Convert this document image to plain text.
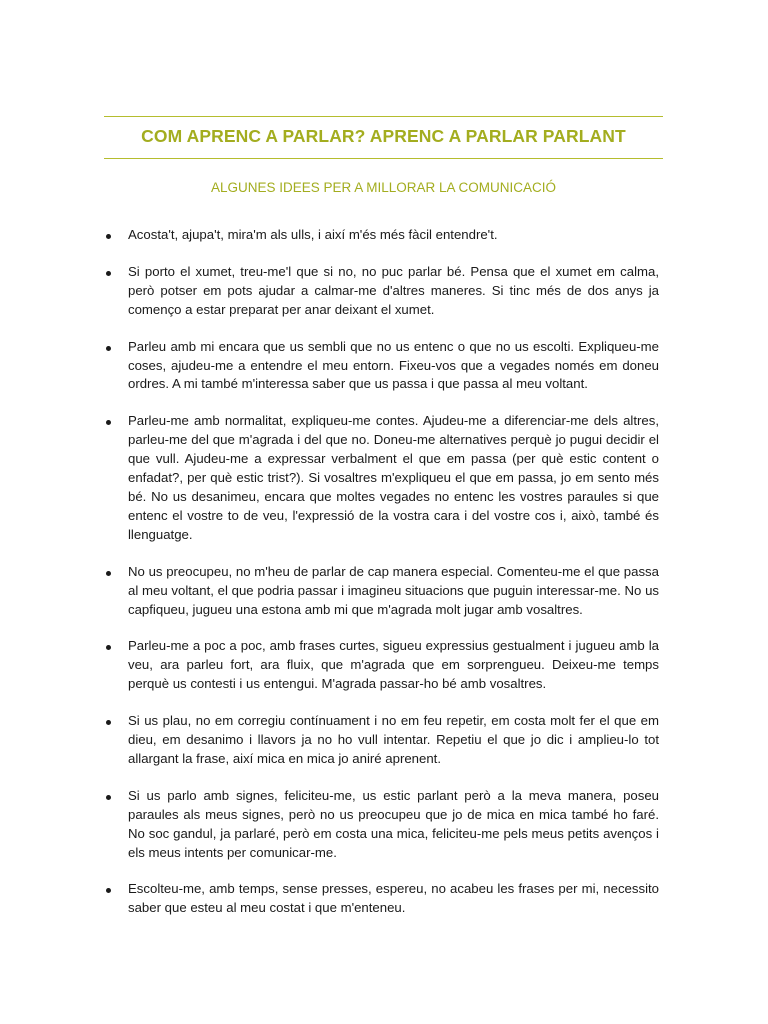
COM APRENC A PARLAR? APRENC A PARLAR PARLANT
ALGUNES IDEES PER A MILLORAR LA COMUNICACIÓ
Acosta't, ajupa't, mira'm als ulls, i així m'és més fàcil entendre't.
Si porto el xumet, treu-me'l que si no, no puc parlar bé. Pensa que el xumet em calma, però potser em pots ajudar a calmar-me d'altres maneres. Si tinc més de dos anys ja començo a estar preparat per anar deixant el xumet.
Parleu amb mi encara que us sembli que no us entenc o que no us escolti. Expliqueu-me coses, ajudeu-me a entendre el meu entorn. Fixeu-vos que a vegades només em doneu ordres. A mi també m'interessa saber que us passa i que passa al meu voltant.
Parleu-me amb normalitat, expliqueu-me contes. Ajudeu-me a diferenciar-me dels altres, parleu-me del que m'agrada i del que no. Doneu-me alternatives perquè jo pugui decidir el que vull. Ajudeu-me a expressar verbalment el que em passa (per què estic content o enfadat?, per què estic trist?). Si vosaltres m'expliqueu el que em passa, jo em sento més bé. No us desanimeu, encara que moltes vegades no entenc les vostres paraules si que entenc el vostre to de veu, l'expressió de la vostra cara i del vostre cos i, això, també és llenguatge.
No us preocupeu, no m'heu de parlar de cap manera especial. Comenteu-me el que passa al meu voltant, el que podria passar i imagineu situacions que puguin interessar-me. No us capfiqueu, jugueu una estona amb mi que m'agrada molt jugar amb vosaltres.
Parleu-me a poc a poc, amb frases curtes, sigueu expressius gestualment i jugueu amb la veu, ara parleu fort, ara fluix, que m'agrada que em sorprengueu. Deixeu-me temps perquè us contesti i us entengui. M'agrada passar-ho bé amb vosaltres.
Si us plau, no em corregiu contínuament i no em feu repetir, em costa molt fer el que em dieu, em desanimo i llavors ja no ho vull intentar. Repetiu el que jo dic i amplieu-lo tot allargant la frase, així mica en mica jo aniré aprenent.
Si us parlo amb signes, feliciteu-me, us estic parlant però a la meva manera, poseu paraules als meus signes, però no us preocupeu que jo de mica en mica també ho faré. No soc gandul, ja parlaré, però em costa una mica, feliciteu-me pels meus petits avenços i els meus intents per comunicar-me.
Escolteu-me, amb temps, sense presses, espereu, no acabeu les frases per mi, necessito saber que esteu al meu costat i que m'enteneu.
